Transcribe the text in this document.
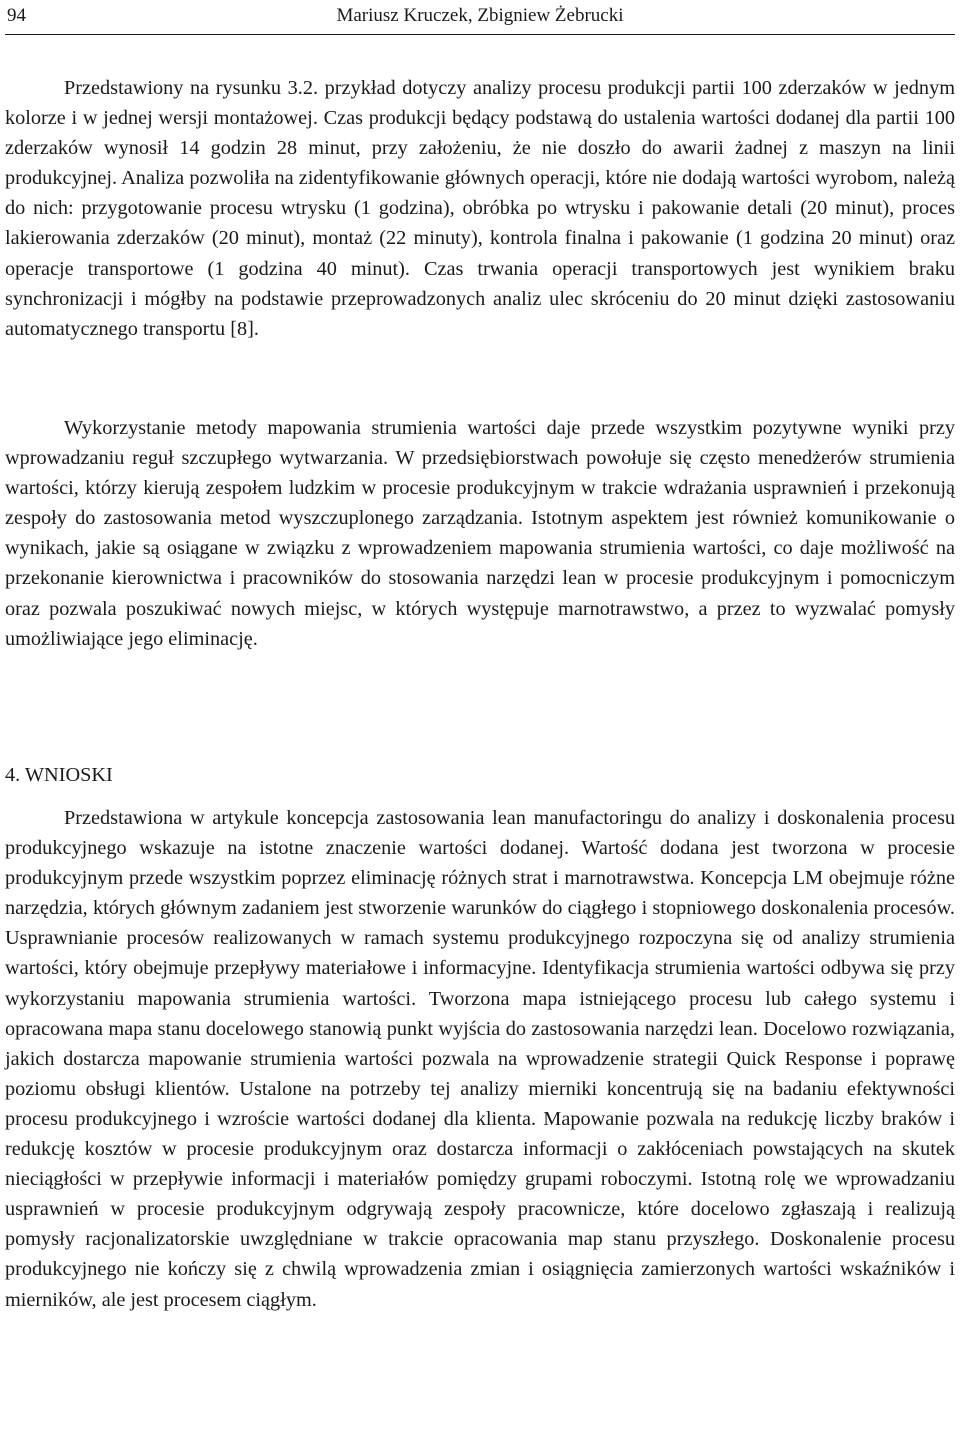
94	Mariusz Kruczek, Zbigniew Żebrucki

Przedstawiony na rysunku 3.2. przykład dotyczy analizy procesu produkcji partii 100 zderzaków w jednym kolorze i w jednej wersji montażowej. Czas produkcji będący podstawą do ustalenia wartości dodanej dla partii 100 zderzaków wynosił 14 godzin 28 minut, przy założeniu, że nie doszło do awarii żadnej z maszyn na linii produkcyjnej. Analiza pozwoliła na zidentyfikowanie głównych operacji, które nie dodają wartości wyrobom, należą do nich: przygotowanie procesu wtrysku (1 godzina), obróbka po wtrysku i pakowanie detali (20 minut), proces lakierowania zderzaków (20 minut), montaż (22 minuty), kontrola finalna i pakowanie (1 godzina 20 minut) oraz operacje transportowe (1 godzina 40 minut). Czas trwania operacji transportowych jest wynikiem braku synchronizacji i mógłby na podstawie przeprowadzonych analiz ulec skróceniu do 20 minut dzięki zastosowaniu automatycznego transportu [8].

Wykorzystanie metody mapowania strumienia wartości daje przede wszystkim pozytywne wyniki przy wprowadzaniu reguł szczupłego wytwarzania. W przedsiębiorstwach powołuje się często menedżerów strumienia wartości, którzy kierują zespołem ludzkim w procesie produkcyjnym w trakcie wdrażania usprawnień i przekonują zespoły do zastosowania metod wyszczuplonego zarządzania. Istotnym aspektem jest również komunikowanie o wynikach, jakie są osiągane w związku z wprowadzeniem mapowania strumienia wartości, co daje możliwość na przekonanie kierownictwa i pracowników do stosowania narzędzi lean w procesie produkcyjnym i pomocniczym oraz pozwala poszukiwać nowych miejsc, w których występuje marnotrawstwo, a przez to wyzwalać pomysły umożliwiające jego eliminację.

4. WNIOSKI

Przedstawiona w artykule koncepcja zastosowania lean manufactoringu do analizy i doskonalenia procesu produkcyjnego wskazuje na istotne znaczenie wartości dodanej. Wartość dodana jest tworzona w procesie produkcyjnym przede wszystkim poprzez eliminację różnych strat i marnotrawstwa. Koncepcja LM obejmuje różne narzędzia, których głównym zadaniem jest stworzenie warunków do ciągłego i stopniowego doskonalenia procesów. Usprawnianie procesów realizowanych w ramach systemu produkcyjnego rozpoczyna się od analizy strumienia wartości, który obejmuje przepływy materiałowe i informacyjne. Identyfikacja strumienia wartości odbywa się przy wykorzystaniu mapowania strumienia wartości. Tworzona mapa istniejącego procesu lub całego systemu i opracowana mapa stanu docelowego stanowią punkt wyjścia do zastosowania narzędzi lean. Docelowo rozwiązania, jakich dostarcza mapowanie strumienia wartości pozwala na wprowadzenie strategii Quick Response i poprawę poziomu obsługi klientów. Ustalone na potrzeby tej analizy mierniki koncentrują się na badaniu efektywności procesu produkcyjnego i wzroście wartości dodanej dla klienta. Mapowanie pozwala na redukcję liczby braków i redukcję kosztów w procesie produkcyjnym oraz dostarcza informacji o zakłóceniach powstających na skutek nieciągłości w przepływie informacji i materiałów pomiędzy grupami roboczymi. Istotną rolę we wprowadzaniu usprawnień w procesie produkcyjnym odgrywają zespoły pracownicze, które docelowo zgłaszają i realizują pomysły racjonalizatorskie uwzględniane w trakcie opracowania map stanu przyszłego. Doskonalenie procesu produkcyjnego nie kończy się z chwilą wprowadzenia zmian i osiągnięcia zamierzonych wartości wskaźników i mierników, ale jest procesem ciągłym.
